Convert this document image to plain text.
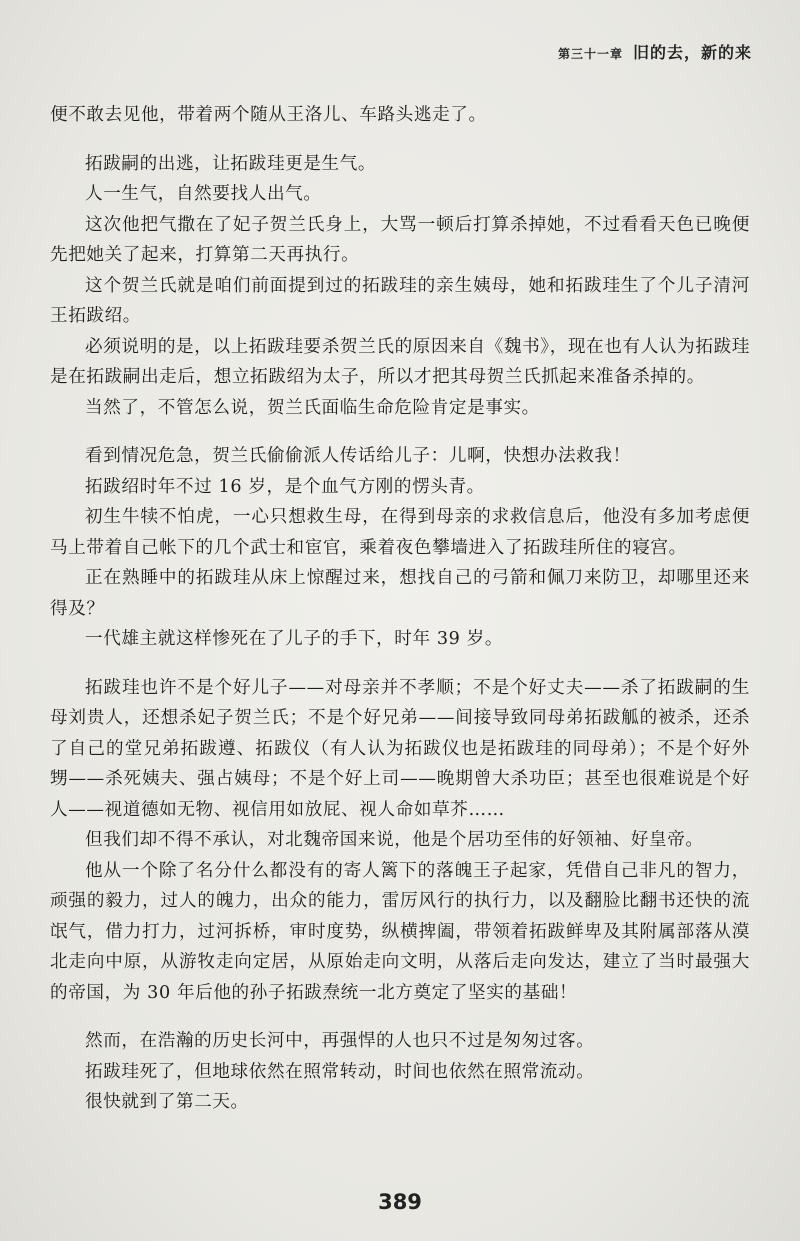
第三十一章 旧的去，新的来

便不敢去见他，带着两个随从王洛儿、车路头逃走了。

拓跋嗣的出逃，让拓跋珪更是生气。

人一生气，自然要找人出气。

这次他把气撒在了妃子贺兰氏身上，大骂一顿后打算杀掉她，不过看看天色已晚便先把她关了起来，打算第二天再执行。

这个贺兰氏就是咱们前面提到过的拓跋珪的亲生姨母，她和拓跋珪生了个儿子清河王拓跋绍。

必须说明的是，以上拓跋珪要杀贺兰氏的原因来自《魏书》，现在也有人认为拓跋珪是在拓跋嗣出走后，想立拓跋绍为太子，所以才把其母贺兰氏抓起来准备杀掉的。

当然了，不管怎么说，贺兰氏面临生命危险肯定是事实。

看到情况危急，贺兰氏偷偷派人传话给儿子：儿啊，快想办法救我！

拓跋绍时年不过 16 岁，是个血气方刚的愣头青。

初生牛犊不怕虎，一心只想救生母，在得到母亲的求救信息后，他没有多加考虑便马上带着自己帐下的几个武士和宦官，乘着夜色攀墙进入了拓跋珪所住的寝宫。

正在熟睡中的拓跋珪从床上惊醒过来，想找自己的弓箭和佩刀来防卫，却哪里还来得及？

一代雄主就这样惨死在了儿子的手下，时年 39 岁。

拓跋珪也许不是个好儿子——对母亲并不孝顺；不是个好丈夫——杀了拓跋嗣的生母刘贵人，还想杀妃子贺兰氏；不是个好兄弟——间接导致同母弟拓跋觚的被杀，还杀了自己的堂兄弟拓跋遵、拓跋仪（有人认为拓跋仪也是拓跋珪的同母弟）；不是个好外甥——杀死姨夫、强占姨母；不是个好上司——晚期曾大杀功臣；甚至也很难说是个好人——视道德如无物、视信用如放屁、视人命如草芥……

但我们却不得不承认，对北魏帝国来说，他是个居功至伟的好领袖、好皇帝。

他从一个除了名分什么都没有的寄人篱下的落魄王子起家，凭借自己非凡的智力，顽强的毅力，过人的魄力，出众的能力，雷厉风行的执行力，以及翻脸比翻书还快的流氓气，借力打力，过河拆桥，审时度势，纵横捭阖，带领着拓跋鲜卑及其附属部落从漠北走向中原，从游牧走向定居，从原始走向文明，从落后走向发达，建立了当时最强大的帝国，为 30 年后他的孙子拓跋焘统一北方奠定了坚实的基础！

然而，在浩瀚的历史长河中，再强悍的人也只不过是匆匆过客。

拓跋珪死了，但地球依然在照常转动，时间也依然在照常流动。

很快就到了第二天。

389
